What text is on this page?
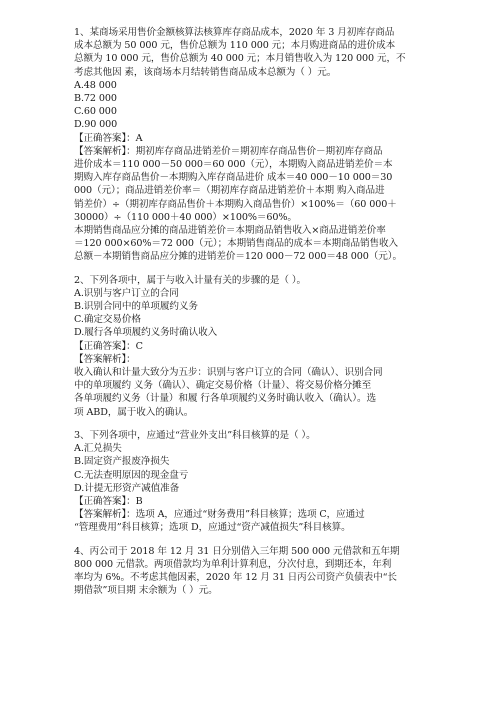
1、某商场采用售价金额核算法核算库存商品成本，2020 年 3 月初库存商品
成本总额为 50 000 元，售价总额为 110 000 元；本月购进商品的进价成本
总额为 10 000 元，售价总额为 40 000 元；本月销售收入为 120 000 元，不
考虑其他因 素，该商场本月结转销售商品成本总额为（ ）元。
A.48 000
B.72 000
C.60 000
D.90 000
【正确答案】：A
【答案解析】：期初库存商品进销差价＝期初库存商品售价－期初库存商品
进价成本＝110 000－50 000＝60 000（元），本期购入商品进销差价＝本
期购入库存商品售价－本期购入库存商品进价 成本＝40 000－10 000＝30
000（元）；商品进销差价率＝（期初库存商品进销差价＋本期 购入商品进
销差价）÷（期初库存商品售价＋本期购入商品售价）×100%＝（60 000＋
30000）÷（110 000＋40 000）×100%＝60%。
本期销售商品应分摊的商品进销差价＝本期商品销售收入×商品进销差价率
＝120 000×60%＝72 000（元）；本期销售商品的成本＝本期商品销售收入
总额－本期销售商品应分摊的进销差价＝120 000－72 000＝48 000（元）。
2、下列各项中，属于与收入计量有关的步骤的是（ ）。
A.识别与客户订立的合同
B.识别合同中的单项履约义务
C.确定交易价格
D.履行各单项履约义务时确认收入
【正确答案】：C
【答案解析】：
收入确认和计量大致分为五步：识别与客户订立的合同（确认）、识别合同
中的单项履约 义务（确认）、确定交易价格（计量）、将交易价格分摊至
各单项履约义务（计量）和履 行各单项履约义务时确认收入（确认）。选
项 ABD，属于收入的确认。
3、下列各项中，应通过“营业外支出”科目核算的是（ ）。
A.汇兑损失
B.固定资产报废净损失
C.无法查明原因的现金盘亏
D.计提无形资产减值准备
【正确答案】：B
【答案解析】：选项 A，应通过“财务费用”科目核算；选项 C，应通过
“管理费用”科目核算；选项 D，应通过“资产减值损失”科目核算。
4、丙公司于 2018 年 12 月 31 日分别借入三年期 500 000 元借款和五年期
800 000 元借款。两项借款均为单利计算利息，分次付息，到期还本，年利
率均为 6%。不考虑其他因素，2020 年 12 月 31 日丙公司资产负债表中“长
期借款”项目期 末余额为（ ）元。
